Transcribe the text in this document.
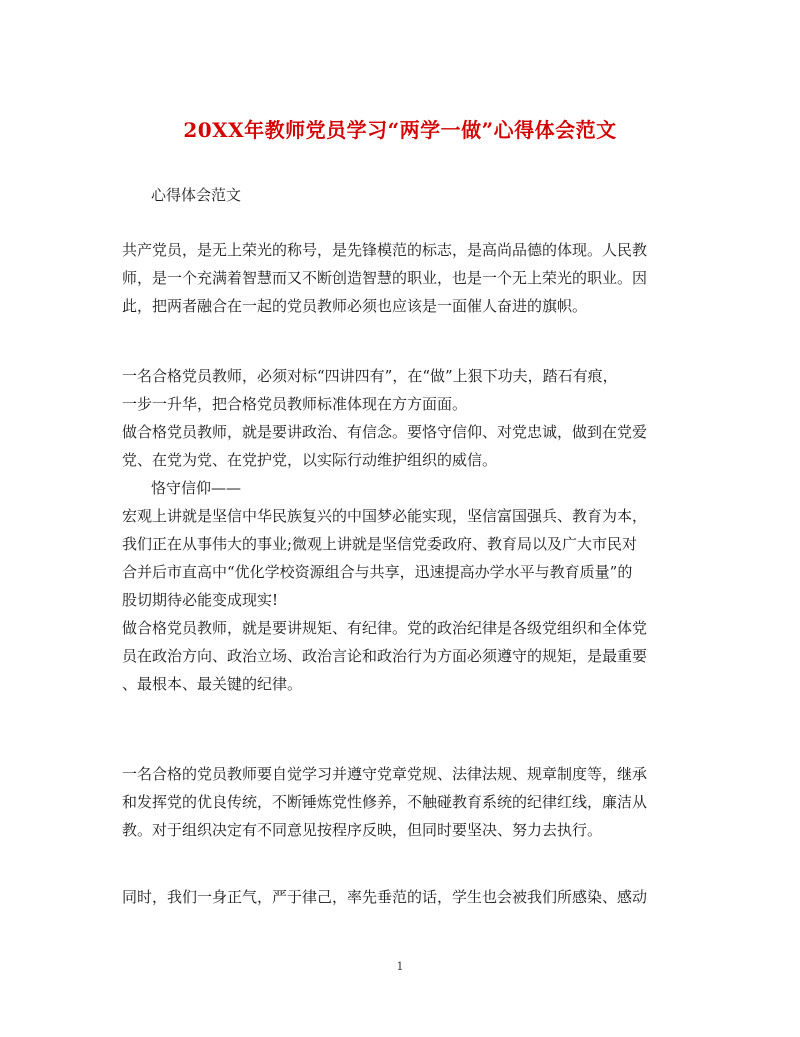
20XX年教师党员学习“两学一做”心得体会范文
心得体会范文
共产党员，是无上荣光的称号，是先锋模范的标志，是高尚品德的体现。人民教
师，是一个充满着智慧而又不断创造智慧的职业，也是一个无上荣光的职业。因
此，把两者融合在一起的党员教师必须也应该是一面催人奋进的旗帜。
一名合格党员教师，必须对标“四讲四有”，在“做”上狠下功夫，踏石有痕，
一步一升华，把合格党员教师标准体现在方方面面。
做合格党员教师，就是要讲政治、有信念。要恪守信仰、对党忠诚，做到在党爱
党、在党为党、在党护党，以实际行动维护组织的威信。
恪守信仰——
宏观上讲就是坚信中华民族复兴的中国梦必能实现，坚信富国强兵、教育为本，
我们正在从事伟大的事业;微观上讲就是坚信党委政府、教育局以及广大市民对
合并后市直高中“优化学校资源组合与共享，迅速提高办学水平与教育质量”的
股切期待必能变成现实!
做合格党员教师，就是要讲规矩、有纪律。党的政治纪律是各级党组织和全体党
员在政治方向、政治立场、政治言论和政治行为方面必须遵守的规矩，是最重要
、最根本、最关键的纪律。
一名合格的党员教师要自觉学习并遵守党章党规、法律法规、规章制度等，继承
和发挥党的优良传统，不断锤炼党性修养，不触碰教育系统的纪律红线，廉洁从
教。对于组织决定有不同意见按程序反映，但同时要坚决、努力去执行。
同时，我们一身正气，严于律己，率先垂范的话，学生也会被我们所感染、感动
1
